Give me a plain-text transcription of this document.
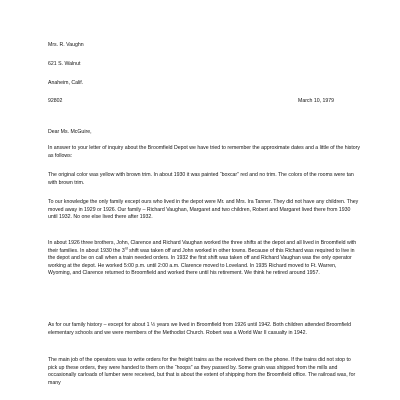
Mrs. R. Vaughn
621 S. Walnut
Anaheim, Calif.
92802	March 10, 1979
Dear Ms. McGuire,

In answer to your letter of inquiry about the Broomfield Depot we have tried to remember the approximate dates and a little of the history as follows:

The original color was yellow with brown trim. In about 1930 it was painted “boxcar” red and no trim. The colors of the rooms were tan with brown trim.

To our knowledge the only family except ours who lived in the depot were Mr. and Mrs. Ira Tanner. They did not have any children. They moved away in 1929 or 1926. Our family – Richard Vaughan, Margaret and two children, Robert and Margaret lived there from 1930 until 1932. No one else lived there after 1932.

In about 1926 three brothers, John, Clarence and Richard Vaughan worked the three shifts at the depot and all lived in Broomfield with their families. In about 1930 the 3rd shift was taken off and John worked in other towns. Because of this Richard was required to live in the depot and be on call when a train needed orders. In 1932 the first shift was taken off and Richard Vaughan was the only operator working at the depot. He worked 5:00 p.m. until 2:00 a.m. Clarence moved to Loveland. In 1935 Richard moved to Ft. Warren, Wyoming, and Clarence returned to Broomfield and worked there until his retirement. We think he retired around 1957.

As for our family history – except for about 1 ½ years we lived in Broomfield from 1926 until 1942. Both children attended Broomfield elementary schools and we were members of the Methodist Church. Robert was a World War II casualty in 1942.

The main job of the operators was to write orders for the freight trains as the received them on the phone. If the trains did not stop to pick up these orders, they were handed to them on the “hoops” as they passed by. Some grain was shipped from the mills and occasionally carloads of lumber were received, but that is about the extent of shipping from the Broomfield office. The railroad was, for many
